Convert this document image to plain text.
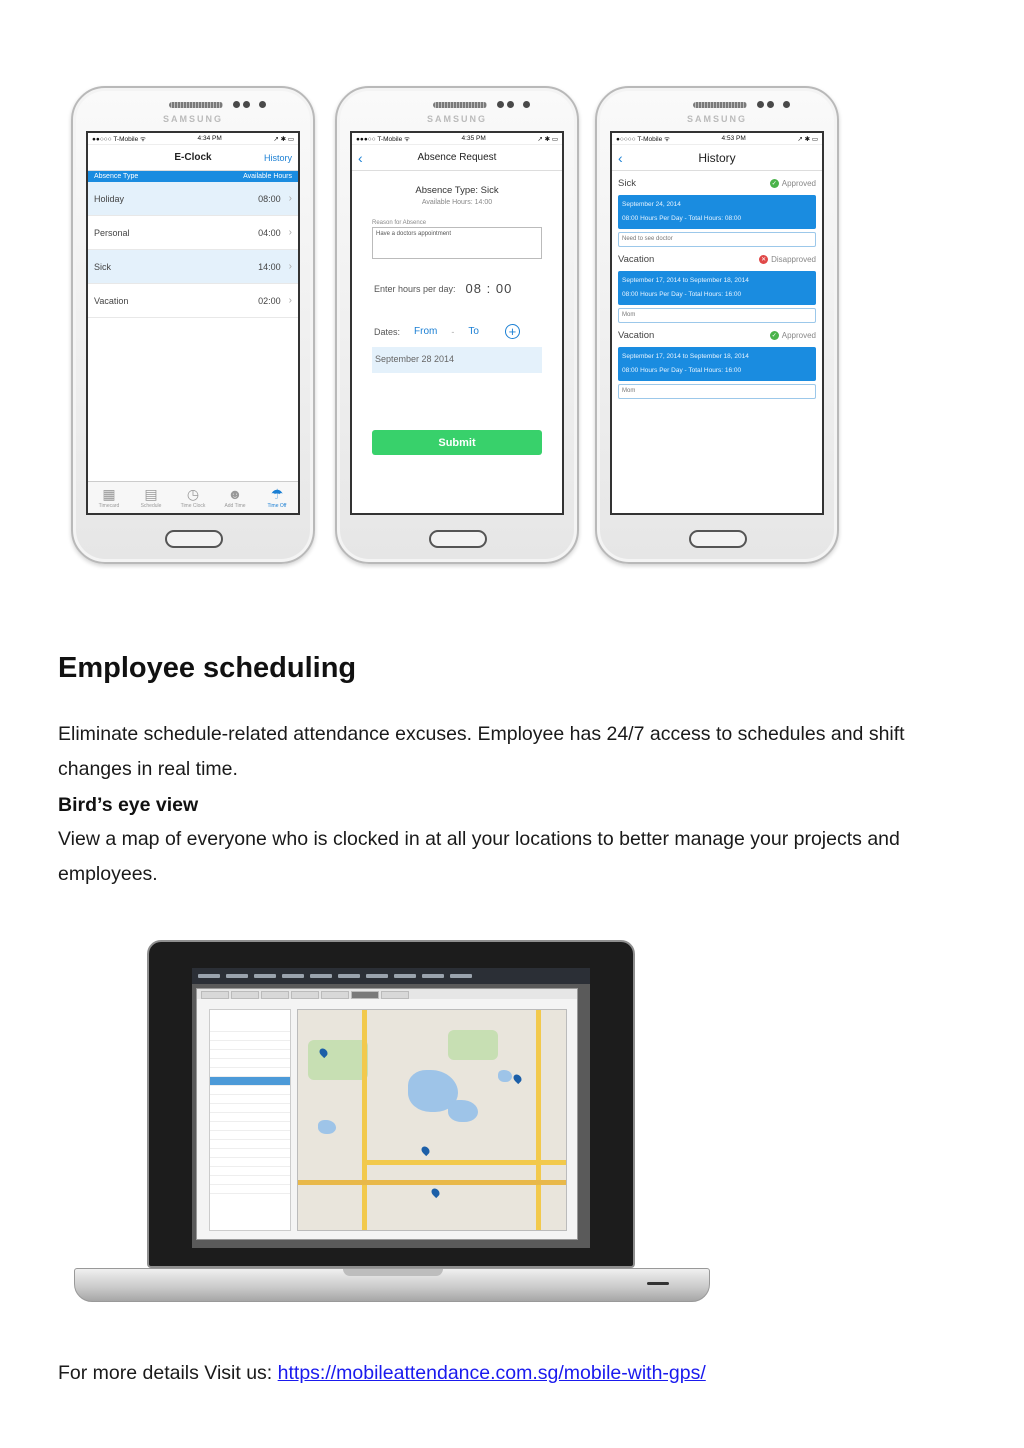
SAMSUNG
●●○○○ T-Mobile ᯤ	4:34 PM	↗ ✱ ▭
E-Clock	History
Absence Type	Available Hours
Holiday	08:00 ›
Personal	04:00 ›
Sick	14:00 ›
Vacation	02:00 ›
▦
Timecard
▤
Schedule
◷
Time Clock
☻
Add Time
☂
Time Off
SAMSUNG
●●●○○ T-Mobile ᯤ	4:35 PM	↗ ✱ ▭
‹	Absence Request
Absence Type: Sick
Available Hours: 14:00
Reason for Absence
Have a doctors appointment
Enter hours per day: 08 : 00
Dates: From - To +
September 28 2014
Submit
SAMSUNG
●○○○○ T-Mobile ᯤ	4:53 PM	↗ ✱ ▭
‹	History
Sick	✓ Approved
September 24, 2014
08:00 Hours Per Day - Total Hours: 08:00
Need to see doctor
Vacation	✕ Disapproved
September 17, 2014 to September 18, 2014
08:00 Hours Per Day - Total Hours: 16:00
Mom
Vacation	✓ Approved
September 17, 2014 to September 18, 2014
08:00 Hours Per Day - Total Hours: 16:00
Mom
Employee scheduling

Eliminate schedule-related attendance excuses. Employee has 24/7 access to schedules and shift changes in real time.

Bird’s eye view

View a map of everyone who is clocked in at all your locations to better manage your projects and employees.

For more details Visit us: https://mobileattendance.com.sg/mobile-with-gps/
